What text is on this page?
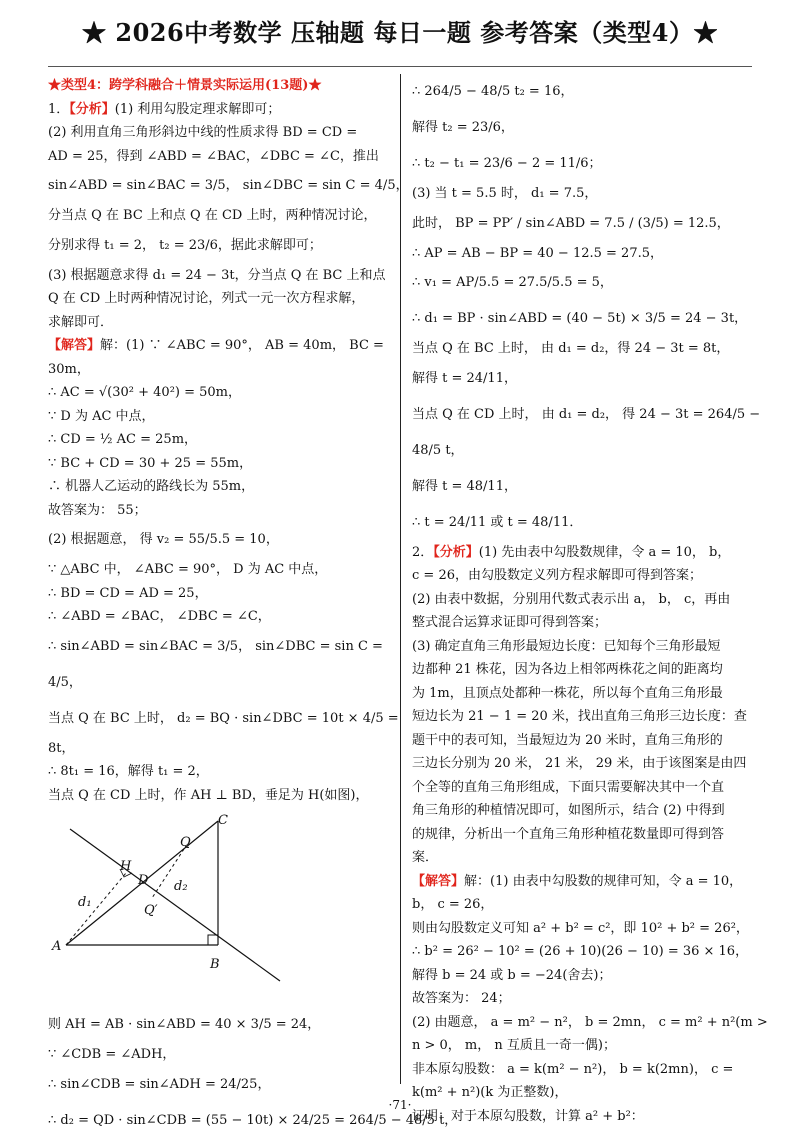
★ 2026中考数学 压轴题 每日一题 参考答案（类型4）★
★类型4：跨学科融合＋情景实际运用(13题)★
1．【分析】(1) 利用勾股定理求解即可；
(2) 利用直角三角形斜边中线的性质求得 BD = CD =
AD = 25，得到 ∠ABD = ∠BAC，∠DBC = ∠C，推出
sin∠ABD = sin∠BAC = 3/5， sin∠DBC = sin C = 4/5，
分当点 Q 在 BC 上和点 Q 在 CD 上时，两种情况讨论，
分别求得 t₁ = 2， t₂ = 23/6，据此求解即可；
(3) 根据题意求得 d₁ = 24 − 3t，分当点 Q 在 BC 上和点
Q 在 CD 上时两种情况讨论，列式一元一次方程求解，
求解即可．
【解答】解：(1) ∵ ∠ABC = 90°， AB = 40m， BC =
30m，
∴ AC = √(30² + 40²) = 50m，
∵ D 为 AC 中点，
∴ CD = ½ AC = 25m，
∵ BC + CD = 30 + 25 = 55m，
∴ 机器人乙运动的路线长为 55m，
故答案为： 55；
(2) 根据题意， 得 v₂ = 55/5.5 = 10，
∵ △ABC 中， ∠ABC = 90°， D 为 AC 中点，
∴ BD = CD = AD = 25，
∴ ∠ABD = ∠BAC， ∠DBC = ∠C，
∴ sin∠ABD = sin∠BAC = 3/5， sin∠DBC = sin C =
4/5，
当点 Q 在 BC 上时， d₂ = BQ · sin∠DBC = 10t × 4/5 =
8t，
∴ 8t₁ = 16，解得 t₁ = 2，
当点 Q 在 CD 上时，作 AH ⊥ BD，垂足为 H(如图)，
A
B
C
D
H
Q
Q′
d₁
d₂
则 AH = AB · sin∠ABD = 40 × 3/5 = 24，
∵ ∠CDB = ∠ADH，
∴ sin∠CDB = sin∠ADH = 24/25，
∴ d₂ = QD · sin∠CDB = (55 − 10t) × 24/25 = 264/5 − 48/5 t，
∴ 264/5 − 48/5 t₂ = 16，
解得 t₂ = 23/6，
∴ t₂ − t₁ = 23/6 − 2 = 11/6；
(3) 当 t = 5.5 时， d₁ = 7.5，
此时， BP = PP′ / sin∠ABD = 7.5 / (3/5) = 12.5，
∴ AP = AB − BP = 40 − 12.5 = 27.5，
∴ v₁ = AP/5.5 = 27.5/5.5 = 5，
∴ d₁ = BP · sin∠ABD = (40 − 5t) × 3/5 = 24 − 3t，
当点 Q 在 BC 上时， 由 d₁ = d₂，得 24 − 3t = 8t，
解得 t = 24/11，
当点 Q 在 CD 上时， 由 d₁ = d₂， 得 24 − 3t = 264/5 −
48/5 t，
解得 t = 48/11，
∴ t = 24/11 或 t = 48/11．
2．【分析】(1) 先由表中勾股数规律，令 a = 10， b，
c = 26，由勾股数定义列方程求解即可得到答案；
(2) 由表中数据，分别用代数式表示出 a， b， c，再由
整式混合运算求证即可得到答案；
(3) 确定直角三角形最短边长度：已知每个三角形最短
边都种 21 株花，因为各边上相邻两株花之间的距离均
为 1m，且顶点处都种一株花，所以每个直角三角形最
短边长为 21 − 1 = 20 米，找出直角三角形三边长度：查
题干中的表可知，当最短边为 20 米时，直角三角形的
三边长分别为 20 米， 21 米， 29 米，由于该图案是由四
个全等的直角三角形组成，下面只需要解决其中一个直
角三角形的种植情况即可，如图所示，结合 (2) 中得到
的规律，分析出一个直角三角形种植花数量即可得到答
案．
【解答】解：(1) 由表中勾股数的规律可知，令 a = 10，
b， c = 26，
则由勾股数定义可知 a² + b² = c²，即 10² + b² = 26²，
∴ b² = 26² − 10² = (26 + 10)(26 − 10) = 36 × 16，
解得 b = 24 或 b = −24(舍去)；
故答案为： 24；
(2) 由题意， a = m² − n²， b = 2mn， c = m² + n²(m >
n > 0， m， n 互质且一奇一偶)；
非本原勾股数： a = k(m² − n²)， b = k(2mn)， c =
k(m² + n²)(k 为正整数)，
证明：对于本原勾股数，计算 a² + b²：
·71·
